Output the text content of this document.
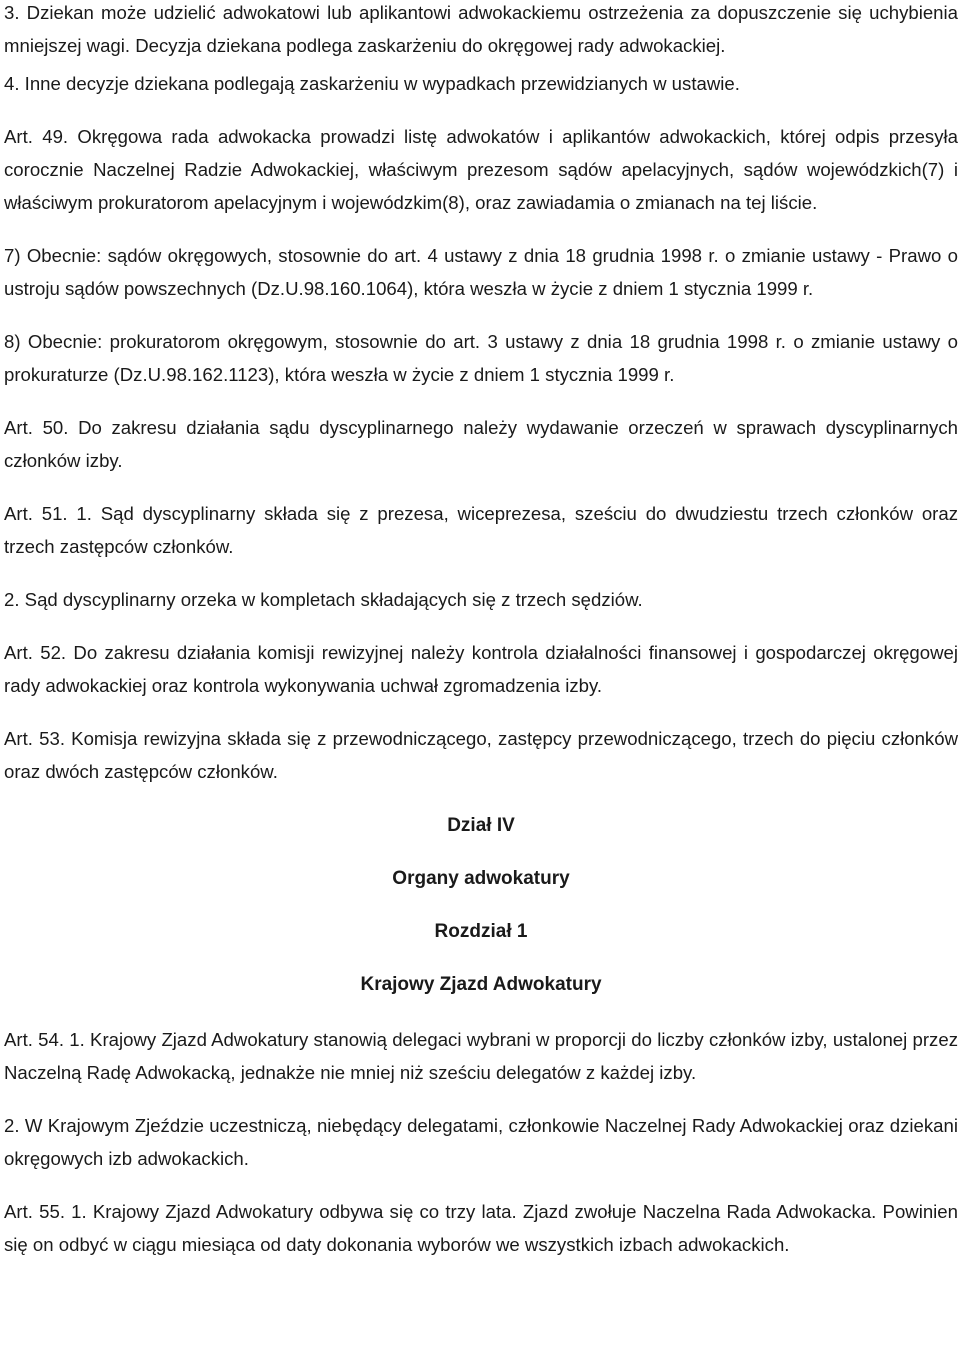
3. Dziekan może udzielić adwokatowi lub aplikantowi adwokackiemu ostrzeżenia za dopuszczenie się uchybienia mniejszej wagi. Decyzja dziekana podlega zaskarżeniu do okręgowej rady adwokackiej.

4. Inne decyzje dziekana podlegają zaskarżeniu w wypadkach przewidzianych w ustawie.

Art. 49. Okręgowa rada adwokacka prowadzi listę adwokatów i aplikantów adwokackich, której odpis przesyła corocznie Naczelnej Radzie Adwokackiej, właściwym prezesom sądów apelacyjnych, sądów wojewódzkich(7) i właściwym prokuratorom apelacyjnym i wojewódzkim(8), oraz zawiadamia o zmianach na tej liście.

7) Obecnie: sądów okręgowych, stosownie do art. 4 ustawy z dnia 18 grudnia 1998 r. o zmianie ustawy - Prawo o ustroju sądów powszechnych (Dz.U.98.160.1064), która weszła w życie z dniem 1 stycznia 1999 r.

8) Obecnie: prokuratorom okręgowym, stosownie do art. 3 ustawy z dnia 18 grudnia 1998 r. o zmianie ustawy o prokuraturze (Dz.U.98.162.1123), która weszła w życie z dniem 1 stycznia 1999 r.

Art. 50. Do zakresu działania sądu dyscyplinarnego należy wydawanie orzeczeń w sprawach dyscyplinarnych członków izby.

Art. 51. 1. Sąd dyscyplinarny składa się z prezesa, wiceprezesa, sześciu do dwudziestu trzech członków oraz trzech zastępców członków.

2. Sąd dyscyplinarny orzeka w kompletach składających się z trzech sędziów.

Art. 52. Do zakresu działania komisji rewizyjnej należy kontrola działalności finansowej i gospodarczej okręgowej rady adwokackiej oraz kontrola wykonywania uchwał zgromadzenia izby.

Art. 53. Komisja rewizyjna składa się z przewodniczącego, zastępcy przewodniczącego, trzech do pięciu członków oraz dwóch zastępców członków.

Dział IV
Organy adwokatury
Rozdział 1
Krajowy Zjazd Adwokatury

Art. 54. 1. Krajowy Zjazd Adwokatury stanowią delegaci wybrani w proporcji do liczby członków izby, ustalonej przez Naczelną Radę Adwokacką, jednakże nie mniej niż sześciu delegatów z każdej izby.

2. W Krajowym Zjeździe uczestniczą, niebędący delegatami, członkowie Naczelnej Rady Adwokackiej oraz dziekani okręgowych izb adwokackich.

Art. 55. 1. Krajowy Zjazd Adwokatury odbywa się co trzy lata. Zjazd zwołuje Naczelna Rada Adwokacka. Powinien się on odbyć w ciągu miesiąca od daty dokonania wyborów we wszystkich izbach adwokackich.
